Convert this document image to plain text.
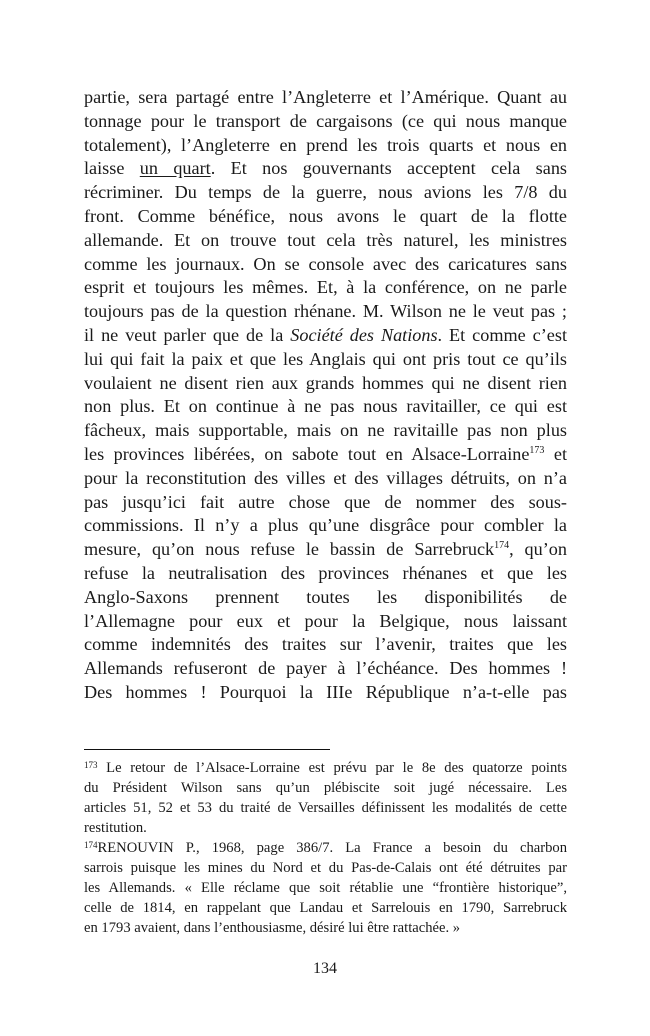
partie, sera partagé entre l’Angleterre et l’Amérique. Quant au
tonnage pour le transport de cargaisons (ce qui nous manque
totalement), l’Angleterre en prend les trois quarts et nous en
laisse un quart. Et nos gouvernants acceptent cela sans
récriminer. Du temps de la guerre, nous avions les 7/8 du
front. Comme bénéfice, nous avons le quart de la flotte
allemande. Et on trouve tout cela très naturel, les ministres
comme les journaux. On se console avec des caricatures sans
esprit et toujours les mêmes. Et, à la conférence, on ne parle
toujours pas de la question rhénane. M. Wilson ne le veut pas ;
il ne veut parler que de la Société des Nations. Et comme c’est
lui qui fait la paix et que les Anglais qui ont pris tout ce qu’ils
voulaient ne disent rien aux grands hommes qui ne disent rien
non plus. Et on continue à ne pas nous ravitailler, ce qui est
fâcheux, mais supportable, mais on ne ravitaille pas non plus
les provinces libérées, on sabote tout en Alsace-Lorraine$^{173}$ et
pour la reconstitution des villes et des villages détruits, on n’a
pas jusqu’ici fait autre chose que de nommer des sous-
commissions. Il n’y a plus qu’une disgrâce pour combler la
mesure, qu’on nous refuse le bassin de Sarrebruck$^{174}$, qu’on
refuse la neutralisation des provinces rhénanes et que les
Anglo-Saxons prennent toutes les disponibilités de
l’Allemagne pour eux et pour la Belgique, nous laissant
comme indemnités des traites sur l’avenir, traites que les
Allemands refuseront de payer à l’échéance. Des hommes !
Des hommes ! Pourquoi la IIIe République n’a-t-elle pas
$^{173}$ Le retour de l’Alsace-Lorraine est prévu par le 8e des quatorze points
du Président Wilson sans qu’un plébiscite soit jugé nécessaire. Les
articles 51, 52 et 53 du traité de Versailles définissent les modalités de cette
restitution.
$^{174}$RENOUVIN P., 1968, page 386/7. La France a besoin du charbon
sarrois puisque les mines du Nord et du Pas-de-Calais ont été détruites par
les Allemands. « Elle réclame que soit rétablie une “frontière historique”,
celle de 1814, en rappelant que Landau et Sarrelouis en 1790, Sarrebruck
en 1793 avaient, dans l’enthousiasme, désiré lui être rattachée. »
134
